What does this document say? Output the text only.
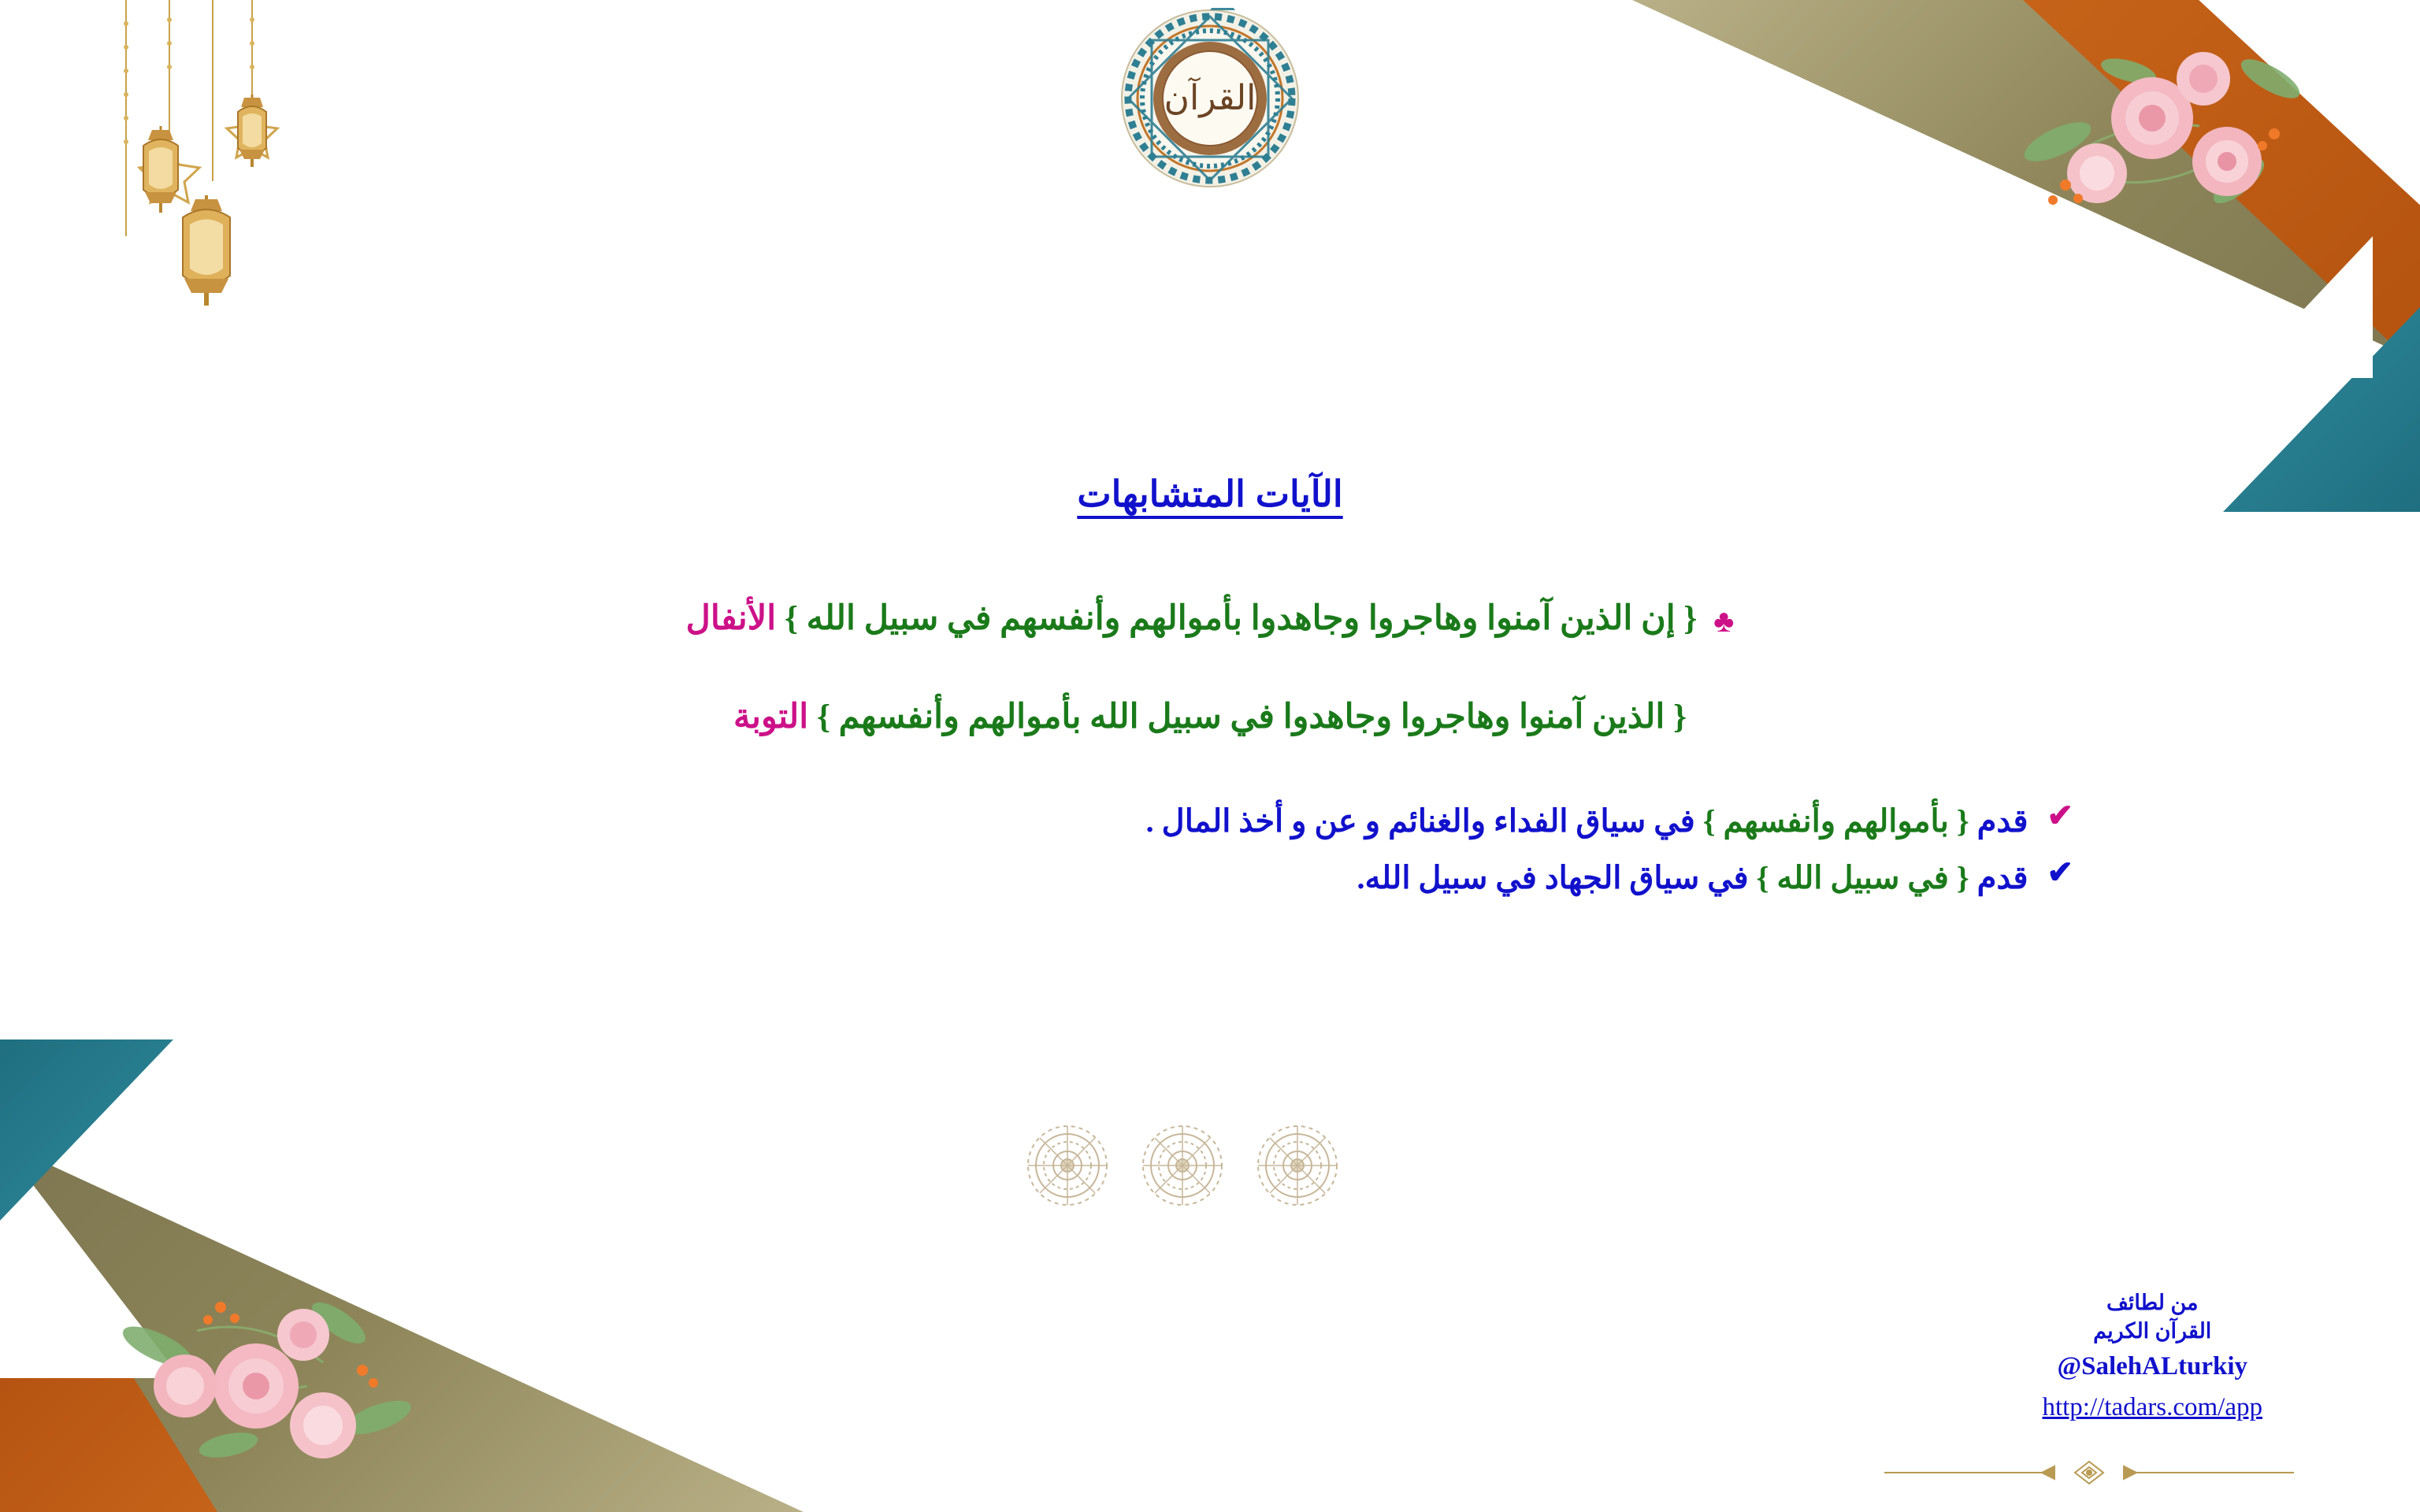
القرآن
الآيات المتشابهات

♣ { إن الذين آمنوا وهاجروا وجاهدوا بأموالهم وأنفسهم في سبيل الله } الأنفال

{ الذين آمنوا وهاجروا وجاهدوا في سبيل الله بأموالهم وأنفسهم } التوبة

✔
قدم { بأموالهم وأنفسهم } في سياق الفداء والغنائم و عن و أخذ المال .
✔
قدم { في سبيل الله } في سياق الجهاد في سبيل الله.
من لطائف
القرآن الكريم
@SalehALturkiy
http://tadars.com/app
